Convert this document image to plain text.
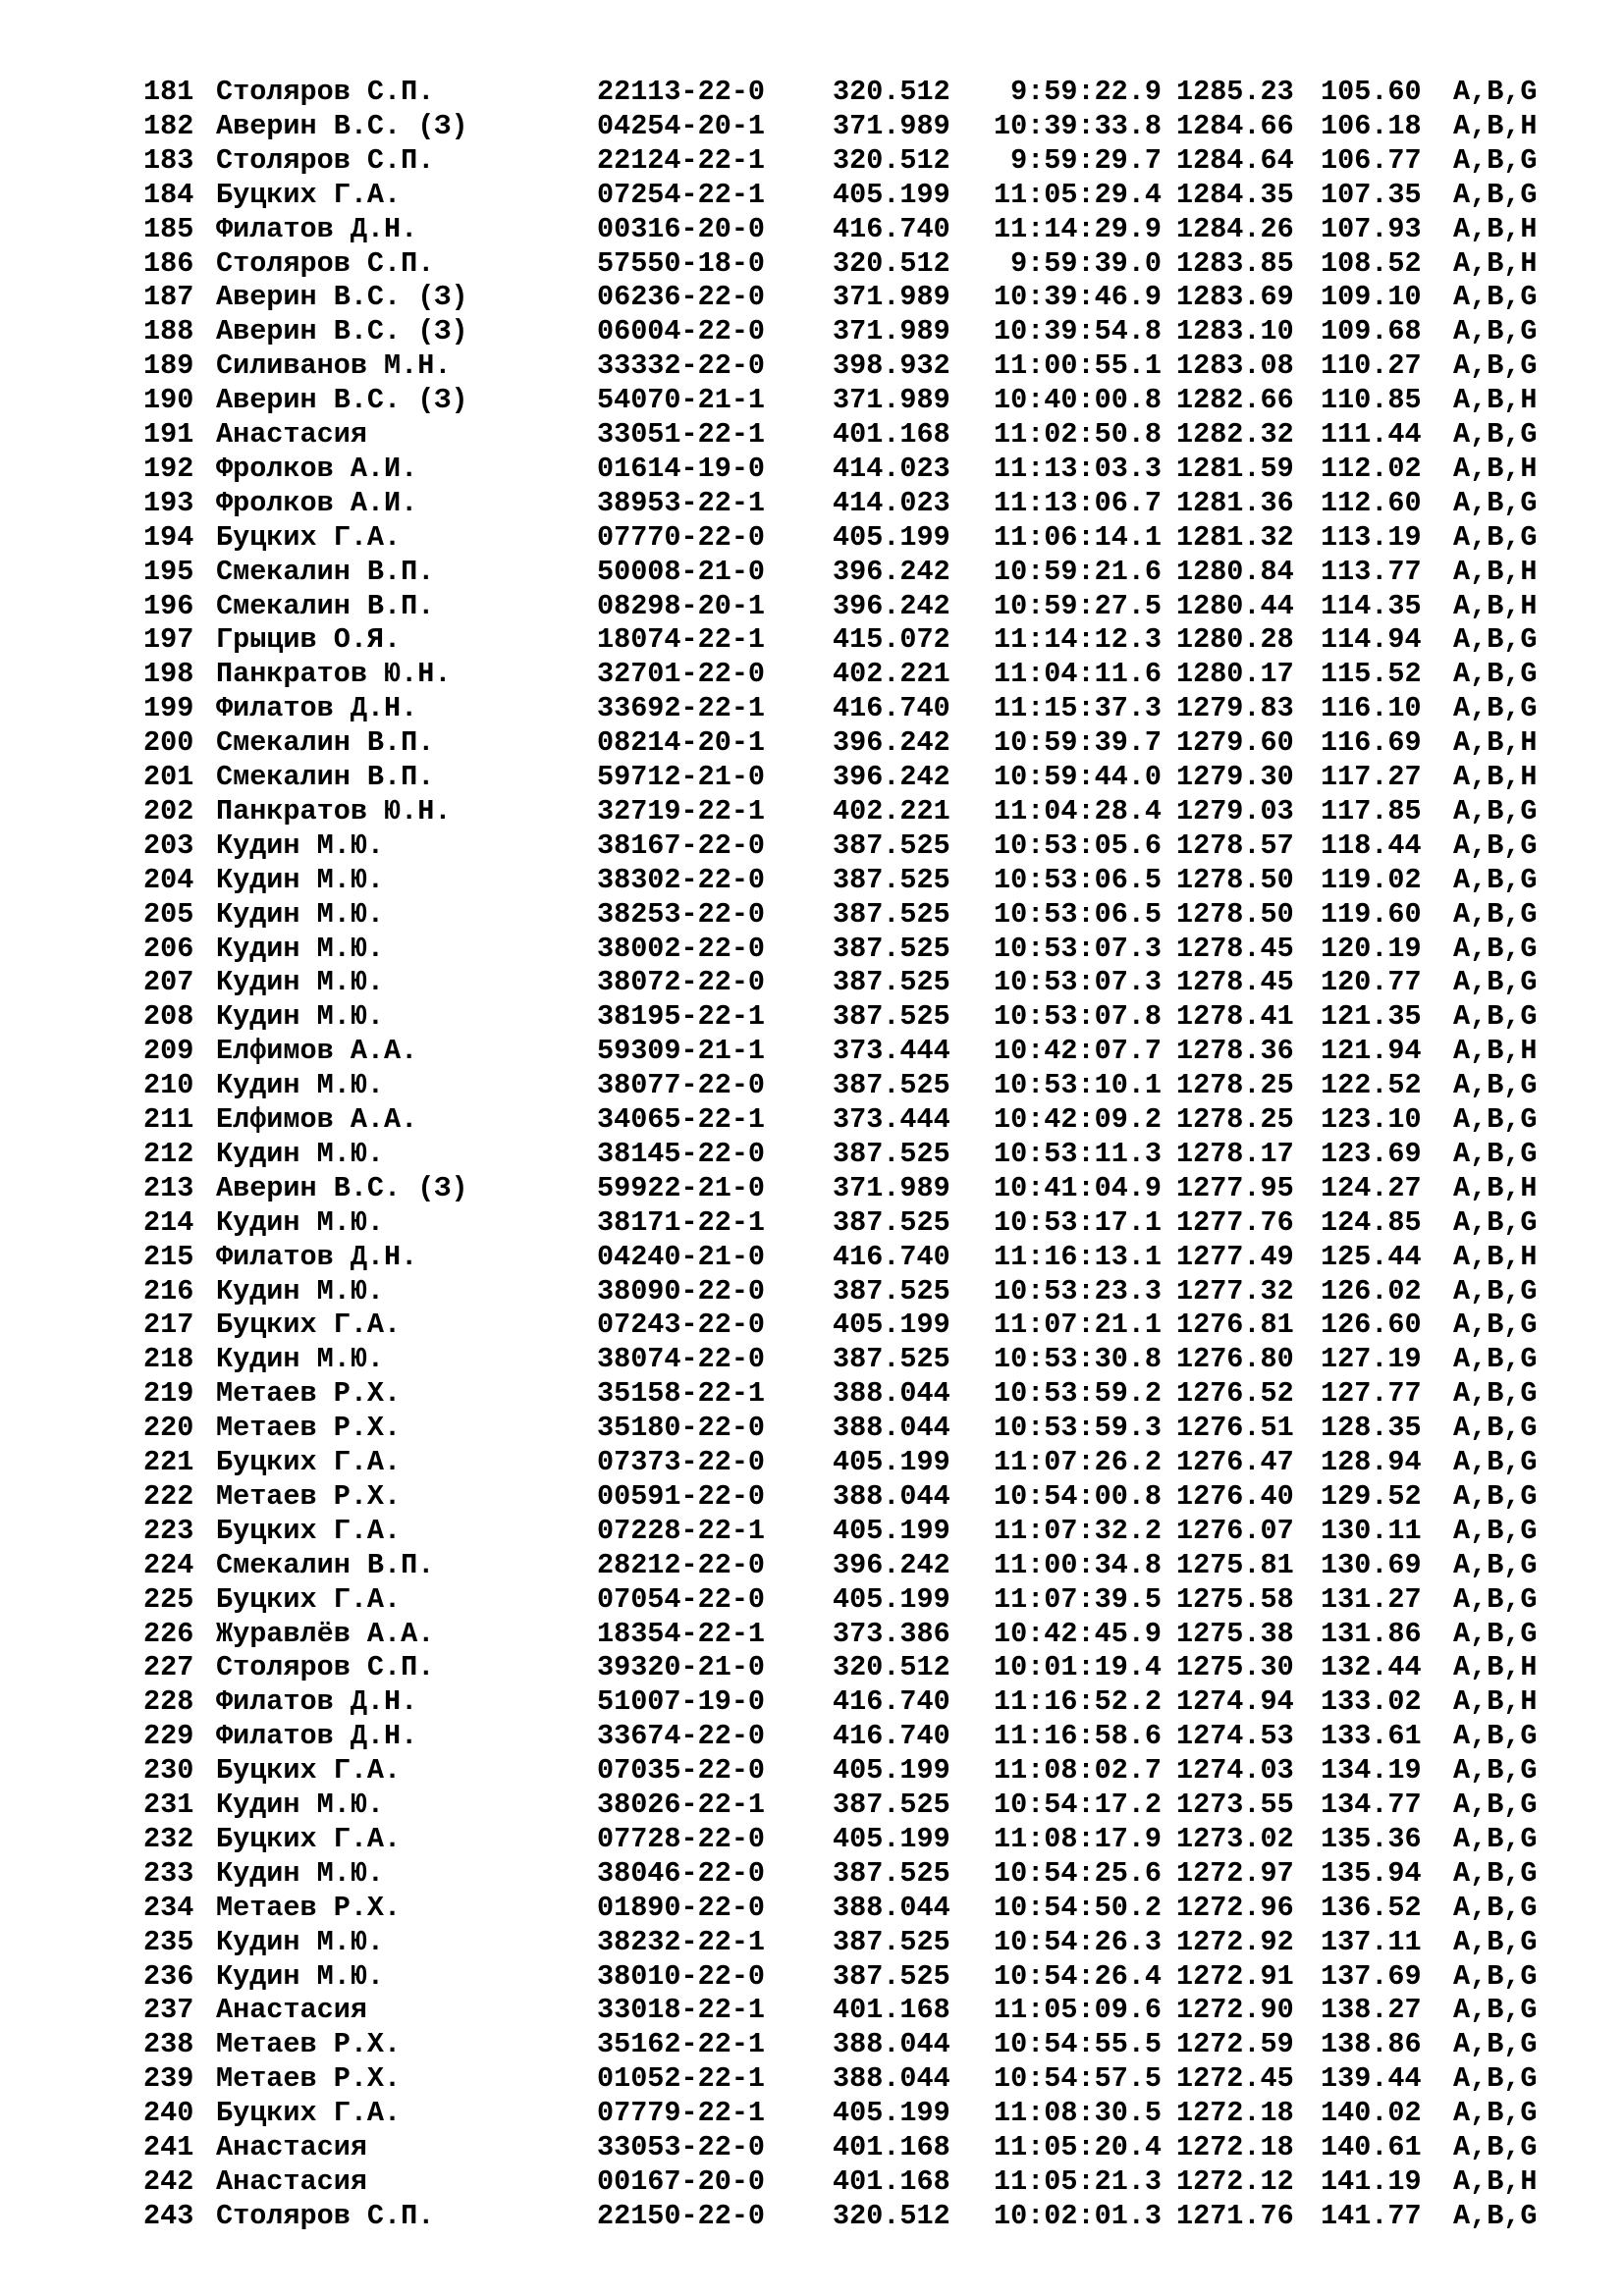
181 Столяров С.П.	22113-22-0 320.512	9:59:22.9 1285.23 105.60 A,B,G
182 Аверин В.С. (З)	04254-20-1 371.989	10:39:33.8 1284.66 106.18 A,B,H
183 Столяров С.П.	22124-22-1 320.512	9:59:29.7 1284.64 106.77 A,B,G
184 Буцких Г.А.	07254-22-1 405.199	11:05:29.4 1284.35 107.35 A,B,G
185 Филатов Д.Н.	00316-20-0 416.740	11:14:29.9 1284.26 107.93 A,B,H
186 Столяров С.П.	57550-18-0 320.512	9:59:39.0 1283.85 108.52 A,B,H
187 Аверин В.С. (З)	06236-22-0 371.989	10:39:46.9 1283.69 109.10 A,B,G
188 Аверин В.С. (З)	06004-22-0 371.989	10:39:54.8 1283.10 109.68 A,B,G
189 Силиванов М.Н.	33332-22-0 398.932	11:00:55.1 1283.08 110.27 A,B,G
190 Аверин В.С. (З)	54070-21-1 371.989	10:40:00.8 1282.66 110.85 A,B,H
191 Анастасия	33051-22-1 401.168	11:02:50.8 1282.32 111.44 A,B,G
192 Фролков А.И.	01614-19-0 414.023	11:13:03.3 1281.59 112.02 A,B,H
193 Фролков А.И.	38953-22-1 414.023	11:13:06.7 1281.36 112.60 A,B,G
194 Буцких Г.А.	07770-22-0 405.199	11:06:14.1 1281.32 113.19 A,B,G
195 Смекалин В.П.	50008-21-0 396.242	10:59:21.6 1280.84 113.77 A,B,H
196 Смекалин В.П.	08298-20-1 396.242	10:59:27.5 1280.44 114.35 A,B,H
197 Грыцив О.Я.	18074-22-1 415.072	11:14:12.3 1280.28 114.94 A,B,G
198 Панкратов Ю.Н.	32701-22-0 402.221	11:04:11.6 1280.17 115.52 A,B,G
199 Филатов Д.Н.	33692-22-1 416.740	11:15:37.3 1279.83 116.10 A,B,G
200 Смекалин В.П.	08214-20-1 396.242	10:59:39.7 1279.60 116.69 A,B,H
201 Смекалин В.П.	59712-21-0 396.242	10:59:44.0 1279.30 117.27 A,B,H
202 Панкратов Ю.Н.	32719-22-1 402.221	11:04:28.4 1279.03 117.85 A,B,G
203 Кудин М.Ю.	38167-22-0 387.525	10:53:05.6 1278.57 118.44 A,B,G
204 Кудин М.Ю.	38302-22-0 387.525	10:53:06.5 1278.50 119.02 A,B,G
205 Кудин М.Ю.	38253-22-0 387.525	10:53:06.5 1278.50 119.60 A,B,G
206 Кудин М.Ю.	38002-22-0 387.525	10:53:07.3 1278.45 120.19 A,B,G
207 Кудин М.Ю.	38072-22-0 387.525	10:53:07.3 1278.45 120.77 A,B,G
208 Кудин М.Ю.	38195-22-1 387.525	10:53:07.8 1278.41 121.35 A,B,G
209 Елфимов А.А.	59309-21-1 373.444	10:42:07.7 1278.36 121.94 A,B,H
210 Кудин М.Ю.	38077-22-0 387.525	10:53:10.1 1278.25 122.52 A,B,G
211 Елфимов А.А.	34065-22-1 373.444	10:42:09.2 1278.25 123.10 A,B,G
212 Кудин М.Ю.	38145-22-0 387.525	10:53:11.3 1278.17 123.69 A,B,G
213 Аверин В.С. (З)	59922-21-0 371.989	10:41:04.9 1277.95 124.27 A,B,H
214 Кудин М.Ю.	38171-22-1 387.525	10:53:17.1 1277.76 124.85 A,B,G
215 Филатов Д.Н.	04240-21-0 416.740	11:16:13.1 1277.49 125.44 A,B,H
216 Кудин М.Ю.	38090-22-0 387.525	10:53:23.3 1277.32 126.02 A,B,G
217 Буцких Г.А.	07243-22-0 405.199	11:07:21.1 1276.81 126.60 A,B,G
218 Кудин М.Ю.	38074-22-0 387.525	10:53:30.8 1276.80 127.19 A,B,G
219 Метаев Р.Х.	35158-22-1 388.044	10:53:59.2 1276.52 127.77 A,B,G
220 Метаев Р.Х.	35180-22-0 388.044	10:53:59.3 1276.51 128.35 A,B,G
221 Буцких Г.А.	07373-22-0 405.199	11:07:26.2 1276.47 128.94 A,B,G
222 Метаев Р.Х.	00591-22-0 388.044	10:54:00.8 1276.40 129.52 A,B,G
223 Буцких Г.А.	07228-22-1 405.199	11:07:32.2 1276.07 130.11 A,B,G
224 Смекалин В.П.	28212-22-0 396.242	11:00:34.8 1275.81 130.69 A,B,G
225 Буцких Г.А.	07054-22-0 405.199	11:07:39.5 1275.58 131.27 A,B,G
226 Журавлёв А.А.	18354-22-1 373.386	10:42:45.9 1275.38 131.86 A,B,G
227 Столяров С.П.	39320-21-0 320.512	10:01:19.4 1275.30 132.44 A,B,H
228 Филатов Д.Н.	51007-19-0 416.740	11:16:52.2 1274.94 133.02 A,B,H
229 Филатов Д.Н.	33674-22-0 416.740	11:16:58.6 1274.53 133.61 A,B,G
230 Буцких Г.А.	07035-22-0 405.199	11:08:02.7 1274.03 134.19 A,B,G
231 Кудин М.Ю.	38026-22-1 387.525	10:54:17.2 1273.55 134.77 A,B,G
232 Буцких Г.А.	07728-22-0 405.199	11:08:17.9 1273.02 135.36 A,B,G
233 Кудин М.Ю.	38046-22-0 387.525	10:54:25.6 1272.97 135.94 A,B,G
234 Метаев Р.Х.	01890-22-0 388.044	10:54:50.2 1272.96 136.52 A,B,G
235 Кудин М.Ю.	38232-22-1 387.525	10:54:26.3 1272.92 137.11 A,B,G
236 Кудин М.Ю.	38010-22-0 387.525	10:54:26.4 1272.91 137.69 A,B,G
237 Анастасия	33018-22-1 401.168	11:05:09.6 1272.90 138.27 A,B,G
238 Метаев Р.Х.	35162-22-1 388.044	10:54:55.5 1272.59 138.86 A,B,G
239 Метаев Р.Х.	01052-22-1 388.044	10:54:57.5 1272.45 139.44 A,B,G
240 Буцких Г.А.	07779-22-1 405.199	11:08:30.5 1272.18 140.02 A,B,G
241 Анастасия	33053-22-0 401.168	11:05:20.4 1272.18 140.61 A,B,G
242 Анастасия	00167-20-0 401.168	11:05:21.3 1272.12 141.19 A,B,H
243 Столяров С.П.	22150-22-0 320.512	10:02:01.3 1271.76 141.77 A,B,G
